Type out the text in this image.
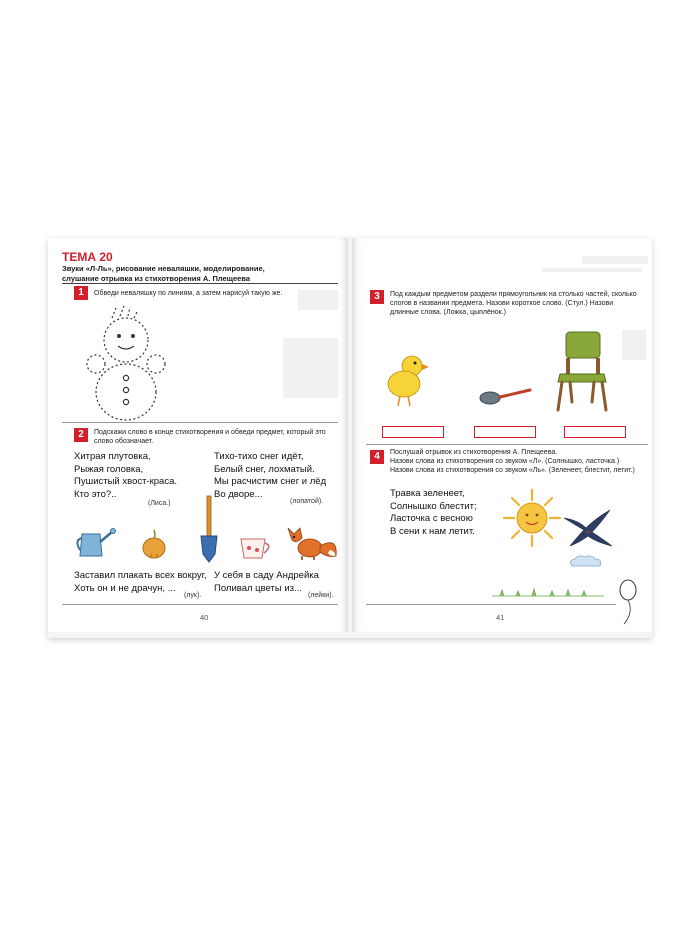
ТЕМА 20
Звуки «Л-Ль», рисование неваляшки, моделирование,
слушание отрывка из стихотворения А. Плещеева
1	Обведи неваляшку по линиям, а затем нарисуй такую же.
2	Подскажи слово в конце стихотворения и обведи предмет, который это слово обозначает.
Хитрая плутовка,
Рыжая головка,
Пушистый хвост-краса.
Кто это?..
(Лиса.)
Тихо-тихо снег идёт,
Белый снег, лохматый.
Мы расчистим снег и лёд
Во дворе...
(лопатой).
Заставил плакать всех вокруг,
Хоть он и не драчун, ...
(лук).
У себя в саду Андрейка
Поливал цветы из...
(лейки).
40
3	Под каждым предметом раздели прямоугольник на столько частей, сколько слогов в названии предмета. Назови короткое слово. (Стул.) Назови длинные слова. (Ложка, цыплёнок.)
4	Послушай отрывок из стихотворения А. Плещеева.
Назови слова из стихотворения со звуком «Л». (Солнышко, ласточка.)
Назови слова из стихотворения со звуком «Ль». (Зеленеет, блестит, летит.)
Травка зеленеет,
Солнышко блестит;
Ласточка с весною
В сени к нам летит.
41
